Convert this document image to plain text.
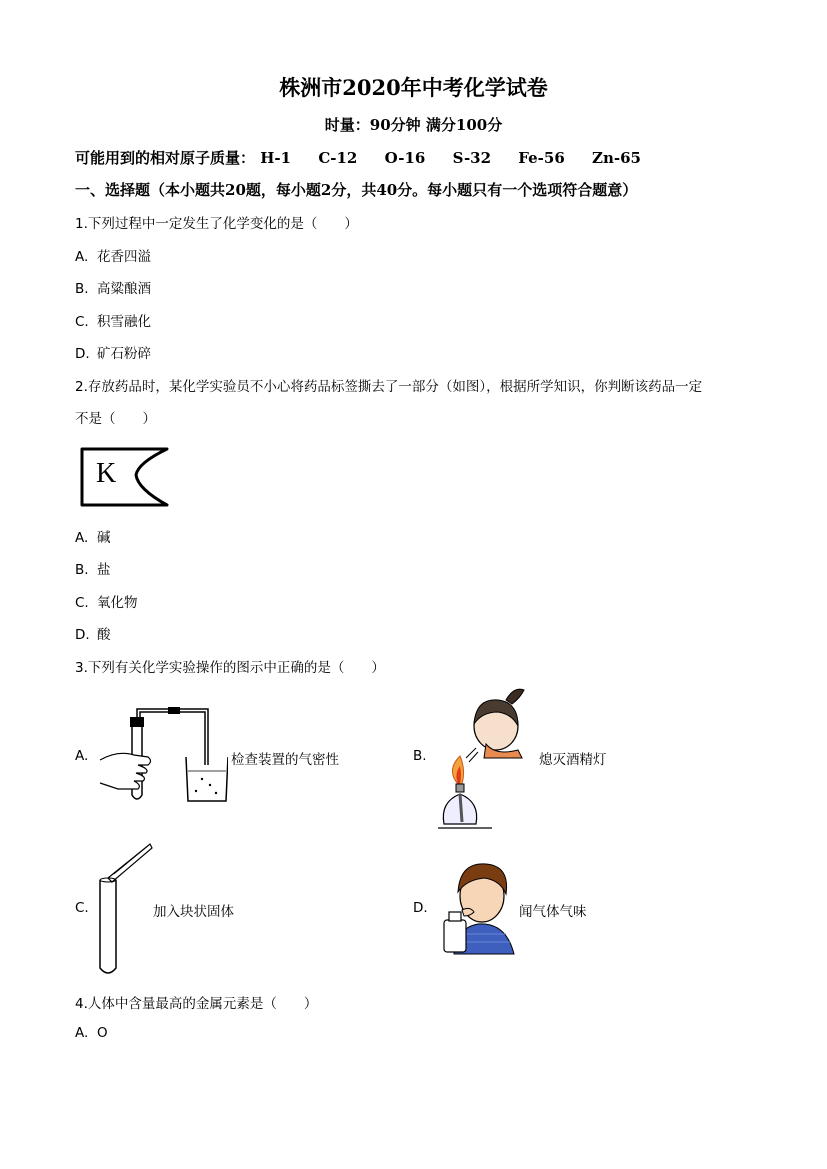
株洲市2020年中考化学试卷
时量：90分钟 满分100分
可能用到的相对原子质量： H-1 C-12 O-16 S-32 Fe-56 Zn-65
一、选择题（本小题共20题，每小题2分，共40分。每小题只有一个选项符合题意）
1.下列过程中一定发生了化学变化的是（　　）
A. 花香四溢
B. 高粱酿酒
C. 积雪融化
D. 矿石粉碎
2.存放药品时，某化学实验员不小心将药品标签撕去了一部分（如图），根据所学知识，你判断该药品一定
不是（　　）
K
A. 碱
B. 盐
C. 氧化物
D. 酸
3.下列有关化学实验操作的图示中正确的是（　　）
A.	检查装置的气密性	B.	熄灭酒精灯
C.	加入块状固体	D.	闻气体气味
4.人体中含量最高的金属元素是（　　）
A. O
